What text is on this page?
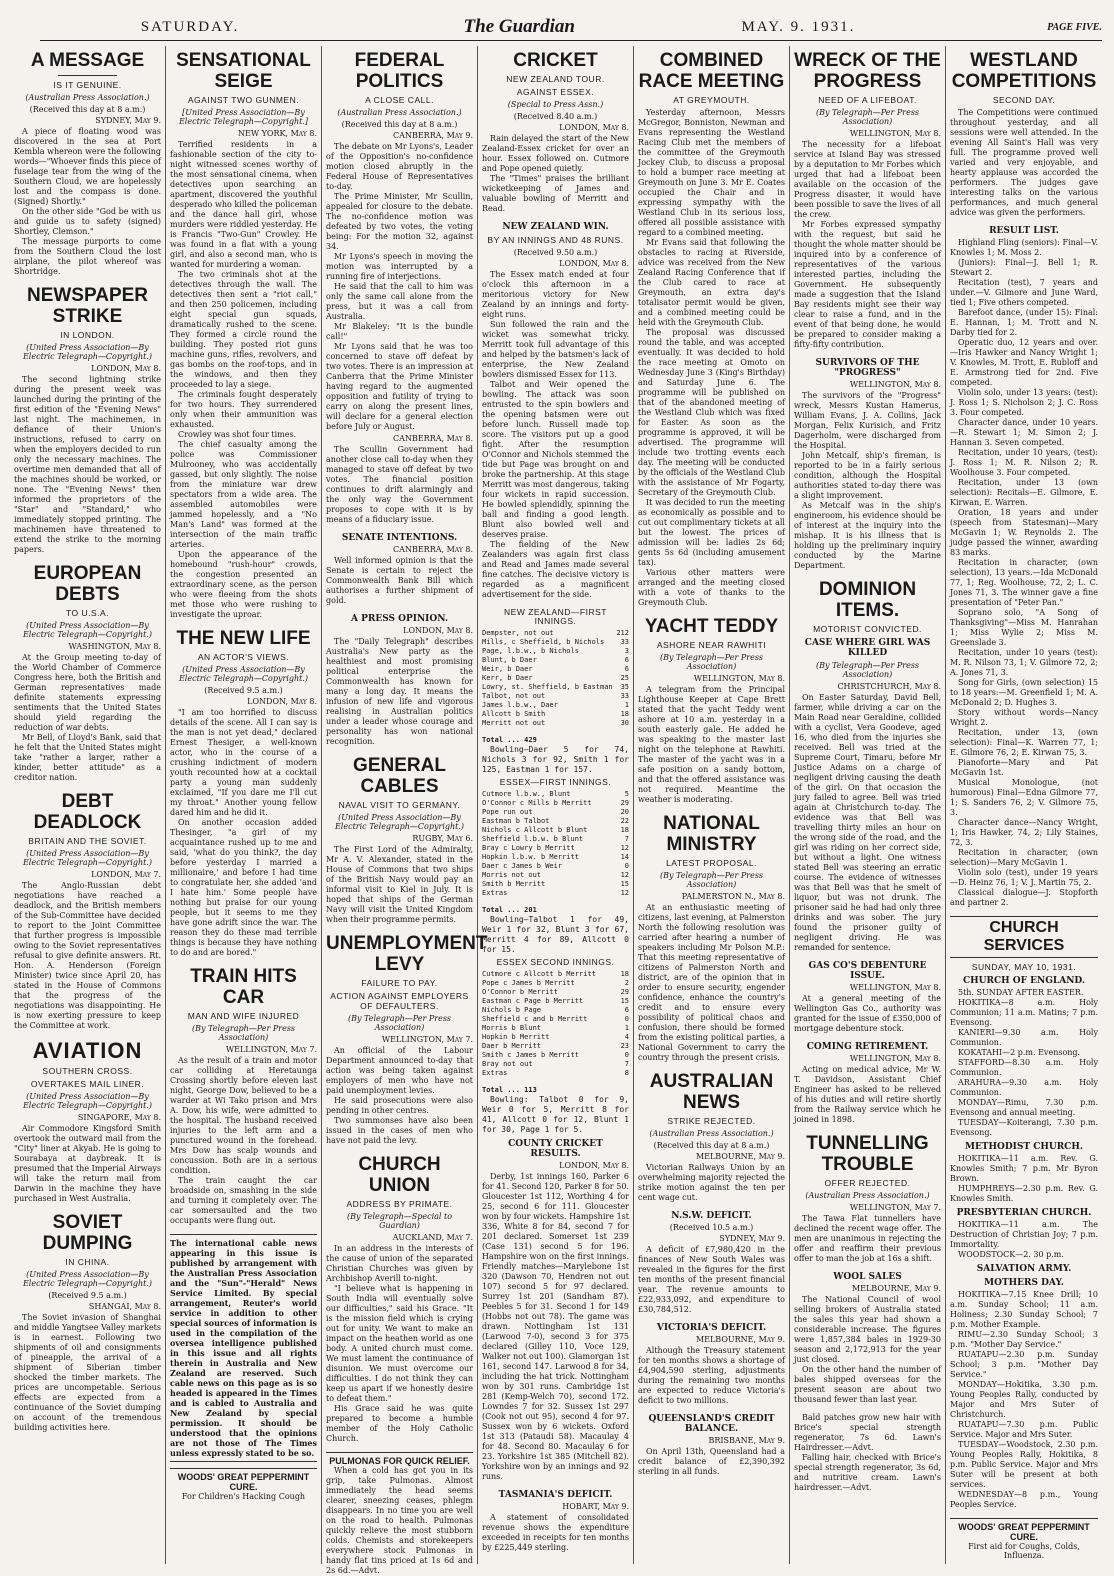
SATURDAY.	The Guardian	MAY. 9. 1931.	PAGE FIVE.
A MESSAGE
IS IT GENUINE.
(Australian Press Association.)
(Received this day at 8 a.m.)
SYDNEY, May 9.

A piece of floating wood was discovered in the sea at Port Kembla whereon were the following words—"Whoever finds this piece of fuselage tear from the wing of the Southern Cloud, we are hopelessly lost and the compass is done. (Signed) Shortly."

On the other side "God be with us and guide us to safety (signed) Shortley, Clemson."

The message purports to come from the Southern Cloud the lost airplane, the pilot whereof was Shortridge.

NEWSPAPER STRIKE
IN LONDON.
(United Press Association—By Electric Telegraph—Copyright.)
LONDON, May 8.

The second lightning strike during the present week was launched during the printing of the first edition of the "Evening News" last night. The machinemen, in defiance of their Union's instructions, refused to carry on when the employers decided to run only the necessary machines. The overtime men demanded that all of the machines should be worked, or none. The "Evening News" then informed the proprietors of the "Star" and "Standard," who immediately stopped printing. The machinemen have threatened to extend the strike to the morning papers.

EUROPEAN DEBTS
TO U.S.A.
(United Press Association—By Electric Telegraph—Copyright.)
WASHINGTON, May 8.

At the Group meeting to-day of the World Chamber of Commerce Congress here, both the British and German representatives made definite statements expressing sentiments that the United States should yield regarding the reduction of war debts.

Mr Bell, of Lloyd's Bank, said that he felt that the United States might take "rather a larger, rather a kinder, better attitude" as a creditor nation.

DEBT DEADLOCK
BRITAIN AND THE SOVIET.
(United Press Association—By Electric Telegraph—Copyright.)
LONDON, May 7.

The Anglo-Russian debt negotiations have reached a deadlock, and the British members of the Sub-Committee have decided to report to the Joint Committee that further progress is impossible owing to the Soviet representatives refusal to give definite answers. Rt. Hon. A. Henderson (Foreign Minister) twice since April 20, has stated in the House of Commons that the progress of the negotiations was disappointing. He is now exerting pressure to keep the Committee at work.

AVIATION
SOUTHERN CROSS.
OVERTAKES MAIL LINER.
(United Press Association—By Electric Telegraph—Copyright.)
SINGAPORE, May 8.

Air Commodore Kingsford Smith overtook the outward mail from the "City" liner at Akyab. He is going to Sourabaya at daybreak. It is presumed that the Imperial Airways will take the return mail from Darwin in the machine they have purchased in West Australia.

SOVIET DUMPING
IN CHINA.
(United Press Association—By Electric Telegraph—Copyright.)
(Received 9.5 a.m.)
SHANGAI, May 8.

The Soviet invasion of Shanghai and middle Yangtsee Valley markets is in earnest. Following two shipments of oil and consignments of pineapple, the arrival of a shipment of Siberian timber shocked the timber markets. The prices are uncompetable. Serious effects are expected from a continuance of the Soviet dumping on account of the tremendous building activities here.

SENSATIONAL SEIGE
AGAINST TWO GUNMEN.
[United Press Association—By Electric Telegraph—Copyright.]
NEW YORK, May 8.

Terrified residents in a fashionable section of the city to-night witnessed scenes worthy of the most sensational cinema, when detectives upon searching an apartment, discovered the youthful desperado who killed the policeman and the dance hall girl, whose murders were riddled yesterday. He is Francis "Two-Gun" Crowley. He was found in a flat with a young girl, and also a second man, who is wanted for murdering a woman.

The two criminals shot at the detectives through the wall. The detectives then sent a "riot call," and then 250 policemen, including eight special gun squads, dramatically rushed to the scene. They formed a circle round the building. They posted riot guns machine guns, rifles, revolvers, and gas bombs on the roof-tops, and in the windows, and then they proceeded to lay a siege.

The criminals fought desperately for two hours. They surrendered only when their ammunition was exhausted.

Crowley was shot four times.

The chief casualty among the police was Commissioner Mulrooney, who was accidentally gassed, but only slightly. The noise from the miniature war drew spectators from a wide area. The assembled automobiles were jammed hopelessly, and a "No Man's Land" was formed at the intersection of the main traffic arteries.

Upon the appearance of the homebound "rush-hour" crowds, the congestion presented an extraordinary scene, as the person who were fleeing from the shots met those who were rushing to investigate the uproar.

THE NEW LIFE
AN ACTOR'S VIEWS.
(United Press Association—By Electric Telegraph—Copyright.)
(Received 9.5 a.m.)
LONDON, May 8.

"I am too horrified to discuss details of the scene. All I can say is the man is not yet dead," declared Ernest Thesiger, a well-known actor, who in the course of a crushing indictment of modern youth recounted how at a cocktail party a young man suddenly exclaimed, "If you dare me I'll cut my throat." Another young fellow dared him and he did it.

On another occasion added Thesinger, "a girl of my acquaintance rushed up to me and said, 'what do you think?, the day before yesterday I married a millionaire,' and before I had time to congratulate her, she added 'and I hate him.' Some people have nothing but praise for our young people, but it seems to me they have gone adrift since the war. The reason they do these mad terrible things is because they have nothing to do and are bored."

TRAIN HITS CAR
MAN AND WIFE INJURED
(By Telegraph—Per Press Association)
WELLINGTON, May 7.

As the result of a train and motor car colliding at Heretaunga Crossing shortly before eleven last night, George Dow, believed to be a warder at Wi Tako prison and Mrs A. Dow, his wife, were admitted to the hospital. The husband received injuries to the left arm and a punctured wound in the forehead. Mrs Dow has scalp wounds and concussion. Both are in a serious condition.

The train caught the car broadside on, smashing in the side and turning it completely over. The car somersaulted and the two occupants were flung out.

The international cable news appearing in this issue is published by arrangement with the Australian Press Association and the "Sun"-"Herald" News Service Limited. By special arrangement, Reuter's world service in addition to other special sources of information is used in the compilation of the oversea intelligence published in this issue and all rights therein in Australia and New Zealand are reserved. Such cable news on this page as is so headed is appeared in the Times and is cabled to Australia and New Zealand by special permission. It should be understood that the opinions are not those of The Times unless expressly stated to be so.
WOODS' GREAT PEPPERMINT CURE.
For Children's Hacking Cough
FEDERAL POLITICS
A CLOSE CALL.
(Australian Press Association.)
(Received this day at 8 a.m.)
CANBERRA, May 9.

The debate on Mr Lyons's, Leader of the Opposition's no-confidence motion closed abruptly in the Federal House of Representatives to-day.

The Prime Minister, Mr Scullin, appealed for closure to the debate. The no-confidence motion was defeated by two votes, the voting being: For the motion 32, against 34.

Mr Lyons's speech in moving the motion was interrupted by a running fire of interjections.

He said that the call to him was only the same call alone from the press, but it was a call from Australia.

Mr Blakeley: "It is the bundle call!"

Mr Lyons said that he was too concerned to stave off defeat by two votes. There is an impression at Canberra that the Prime Minister having regard to the augmented opposition and futility of trying to carry on along the present lines, will declare for a general election before July or August.

CANBERRA, May 8.

The Scullin Government had another close call to-day when they managed to stave off defeat by two votes. The financial position continues to drift alarmingly and the only way the Government proposes to cope with it is by means of a fiduciary issue.

SENATE INTENTIONS.
CANBERRA, May 8.

Well informed opinion is that the Senate is certain to reject the Commonwealth Bank Bill which authorises a further shipment of gold.

A PRESS OPINION.
LONDON, May 8.

The "Daily Telegraph" describes Australia's New party as the healthiest and most promising political enterprise the Commonwealth has known for many a long day. It means the infusion of new life and vigorous realising in Australian politics under a leader whose courage and personality has won national recognition.

GENERAL CABLES
NAVAL VISIT TO GERMANY.
(United Press Association—By Electric Telegraph—Copyright.)
RUGBY, May 6.

The First Lord of the Admiralty, Mr A. V. Alexander, stated in the House of Commons that two ships of the British Navy would pay an informal visit to Kiel in July. It is hoped that ships of the German Navy will visit the United Kingdom when their programme permits.

UNEMPLOYMENT LEVY
FAILURE TO PAY.
ACTION AGAINST EMPLOYERS OF DEFAULTERS.
(By Telegraph—Per Press Association)
WELLINGTON, May 7.

An official of the Labour Department announced to-day that action was being taken against employers of men who have not paid unemployment levies.

He said prosecutions were also pending in other centres.

Two summonses have also been issued in the cases of men who have not paid the levy.

CHURCH UNION
ADDRESS BY PRIMATE.
(By Telegraph—Special to Guardian)
AUCKLAND, May 7.

In an address in the interests of the cause of union of the separated Christian Churches was given by Archbishop Averill to-night.

"I believe what is happening in South India will eventually solve our difficulties," said his Grace. "It is the mission field which is crying out for unity. We want to make an impact on the heathen world as one body. A united church must come. We must lament the continuance of disunion. We must overcome our difficulties. I do not think they can keep us apart if we honestly desire to defeat them."

His Grace said he was quite prepared to become a humble member of the Holy Catholic Church.

PULMONAS FOR QUICK RELIEF.

When a cold has got you in its grip, take Pulmonas. Almost immediately the head seems clearer, sneezing ceases, phlegm disappears. In no time you are well on the road to health. Pulmonas quickly relieve the most stubborn colds. Chemists and storekeepers everywhere stock Pulmonas in handy flat tins priced at 1s 6d and 2s 6d.—Advt.

CRICKET
NEW ZEALAND TOUR.
AGAINST ESSEX.
(Special to Press Assn.)
(Received 8.40 a.m.)
LONDON, May 8.

Rain delayed the start of the New Zealand-Essex cricket for over an hour. Essex followed on. Cutmore and Pope opened quietly.

The "Times" praises the brilliant wicketkeeping of James and valuable bowling of Merritt and Read.

NEW ZEALAND WIN.
BY AN INNINGS AND 48 RUNS.
(Received 9.50 a.m.)
LONDON, May 8.

The Essex match ended at four o'clock this afternoon in a meritorious victory for New Zealand by an innings and forty-eight runs.

Sun followed the rain and the wicket was somewhat tricky. Merritt took full advantage of this and helped by the batsmen's lack of enterprise, the New Zealand bowlers dismissed Essex for 113.

Talbot and Weir opened the bowling. The attack was soon entrusted to the spin bowlers and the opening batsmen were out before lunch. Russell made top score. The visitors put up a good fight. After the resumption O'Connor and Nichols stemmed the tide but Page was brought on and broke the partnership. At this stage Merritt was most dangerous, taking four wickets in rapid succession. He bowled splendidly, spinning the ball and finding a good length. Blunt also bowled well and deserves praise.

The fielding of the New Zealanders was again first class and Read and James made several fine catches. The decisive victory is regarded as a magnificent advertisement for the side.

NEW ZEALAND—FIRST INNINGS.
Dempster, not out	212
Mills, c Sheffield, b Nichols 33
Page, l.b.w., b Nichols	3
Blunt, b Daer	6
Weir, b Daer	6
Kerr, b Daer	25
Lowry, st. Sheffield, b Eastman 35
Talbot, not out	33
James l.b.w., Daer	1
Allcott b Smith	18
Merritt not out	30
Total ... 429

Bowling—Daer 5 for 74, Nichols 3 for 92, Smith 1 for 125, Eastman 1 for 157.

ESSEX—FIRST INNINGS.
Cutmore l.b.w., Blunt	5
O'Connor c Mills b Merritt	29
Pope run out	20
Eastman b Talbot	22
Nichols c Allcott b Blunt	18
Sheffield l.b.w. b Blunt	7
Bray c Lowry b Merritt	12
Hopkin l.b.w. b Merritt	14
Daer c James b Weir	0
Morris not out	12
Smith b Merritt	15
Extras	12
Total ... 201

Bowling—Talbot 1 for 49, Weir 1 for 32, Blunt 3 for 67, Merritt 4 for 89, Allcott 0 for 15.

ESSEX SECOND INNINGS.
Cutmore c Allcott b Merritt	18
Pope c James b Merritt	2
O'Connor b Merritt	29
Eastman c Page b Merritt	15
Nichols b Page	6
Sheffield c and b Merritt	0
Morris b Blunt	1
Hopkin b Merritt	4
Daer b Merritt	23
Smith c James b Merritt	0
Bray not out	7
Extras	8
Total ... 113

Bowling: Talbot 0 for 9, Weir 0 for 5, Merritt 8 for 41, Allcott 0 for 12, Blunt 1 for 30, Page 1 for 5.

COUNTY CRICKET RESULTS.
LONDON, May 8.

Derby, 1st innings 160, Parker 6 for 41. Second 120, Parker 8 for 50. Gloucester 1st 112, Worthing 4 for 25, second 6 for 111. Gloucester won by four wickets. Hampshire 1st 336, White 8 for 84, second 7 for 201 declared. Somerset 1st 239 (Case 131) second 5 for 196. Hampshire won on the first innings. Friendly matches—Marylebone 1st 320 (Dawson 70, Hendren not out 107) second 5 for 97 declared. Surrey 1st 201 (Sandham 87). Peebles 5 for 31. Second 1 for 149 (Hobbs not out 78). The game was drawn. Nottingham 1st 131 (Larwood 7-0), second 3 for 375 declared (Gilley 110, Voce 129, Walker not out 100). Glamorgan 1st 161, second 147. Larwood 8 for 34, including the hat trick. Nottingham won by 301 runs. Cambridge 1st 281 (Kemp-Welch 70), second 172. Lowndes 7 for 32. Sussex 1st 297 (Cook not out 95), second 4 for 97. Sussex won by 6 wickets. Oxford 1st 313 (Pataudi 58). Macaulay 4 for 48. Second 80. Macaulay 6 for 23. Yorkshire 1st 385 (Mitchell 82). Yorkshire won by an innings and 92 runs.

TASMANIA'S DEFICIT.
HOBART, May 9.

A statement of consolidated revenue shows the expenditure exceeded in receipts for ten months by £225,449 sterling.

COMBINED RACE MEETING
AT GREYMOUTH.

Yesterday afternoon, Messrs McGregor, Bonniston, Newman and Evans representing the Westland Racing Club met the members of the committee of the Greymouth Jockey Club, to discuss a proposal to hold a bumper race meeting at Greymouth on June 3. Mr E. Coates occupied the Chair and in expressing sympathy with the Westland Club in its serious loss, offered all possible assistance with regard to a combined meeting.

Mr Evans said that following the obstacles to racing at Riverside, advice was received from the New Zealand Racing Conference that if the Club cared to race at Greymouth, an extra day's totalisator permit would be given, and a combined meeting could be held with the Greymouth Club.

The proposal was discussed round the table, and was accepted eventually. It was decided to hold the race meeting at Omoto on Wednesday June 3 (King's Birthday) and Saturday June 6. The programme will be published on that of the abandoned meeting of the Westland Club which was fixed for Easter. As soon as the programme is approved, it will be advertised. The programme will include two trotting events each day. The meeting will be conducted by the officials of the Westland Club with the assistance of Mr Fogarty, Secretary of the Greymouth Club.

It was decided to run the meeting as economically as possible and to cut out complimentary tickets at all but the lowest. The prices of admission will be: ladies 2s 6d; gents 5s 6d (including amusement tax).

Various other matters were arranged and the meeting closed with a vote of thanks to the Greymouth Club.

YACHT TEDDY
ASHORE NEAR RAWHITI
(By Telegraph—Per Press Association)
WELLINGTON, May 8.

A telegram from the Principal Lighthouse Keeper at Cape Brett stated that the yacht Teddy went ashore at 10 a.m. yesterday in a south easterly gale. He added he was speaking to the master last night on the telephone at Rawhiti. The master of the yacht was in a safe position on a sandy bottom, and that the offered assistance was not required. Meantime the weather is moderating.

NATIONAL MINISTRY
LATEST PROPOSAL.
(By Telegraph—Per Press Association)
PALMERSTON N., May 8.

At an enthusiastic meeting of citizens, last evening, at Palmerston North the following resolution was carried after hearing a number of speakers including Mr Polson M.P.: That this meeting representative of citizens of Palmerston North and district, are of the opinion that in order to ensure security, engender confidence, enhance the country's credit and to ensure every possibility of political chaos and confusion, there should be formed from the existing political parties, a National Government to carry the country through the present crisis.

AUSTRALIAN NEWS
STRIKE REJECTED.
(Australian Press Association.)
(Received this day at 8 a.m.)
MELBOURNE, May 9.

Victorian Railways Union by an overwhelming majority rejected the strike motion against the ten per cent wage cut.

N.S.W. DEFICIT.
(Received 10.5 a.m.)
SYDNEY, May 9.

A deficit of £7,980,420 in the finances of New South Wales was revealed in the figures for the first ten months of the present financial year. The revenue amounts to £22,933,092, and expenditure to £30,784,512.

VICTORIA'S DEFICIT.
MELBOURNE, May 9.

Although the Treasury statement for ten months shows a shortage of £4,904,590 sterling, adjustments during the remaining two months are expected to reduce Victoria's deficit to two millions.

QUEENSLAND'S CREDIT BALANCE.
BRISBANE, May 9.

On April 13th, Queensland had a credit balance of £2,390,392 sterling in all funds.

WRECK OF THE PROGRESS
NEED OF A LIFEBOAT.
(By Telegraph—Per Press Association)
WELLINGTON, May 8.

The necessity for a lifeboat service at Island Bay was stressed by a deputation to Mr Forbes which urged that had a lifeboat been available on the occasion of the Progress disaster, it would have been possible to save the lives of all the crew.

Mr Forbes expressed sympathy with the request, but said he thought the whole matter should be inquired into by a conference of representatives of the various interested parties, including the Government. He subsequently made a suggestion that the Island Bay residents might see their way clear to raise a fund, and in the event of that being done, he would be prepared to consider making a fifty-fifty contribution.

SURVIVORS OF THE "PROGRESS"
WELLINGTON, May 8.

The survivors of the "Progress" wreck, Messrs Kustan Hamerus, William Evans, J. A. Collins, Jack Morgan, Felix Kurisich, and Fritz Dagerholm, were discharged from the Hospital.

John Metcalf, ship's fireman, is reported to be in a fairly serious condition, although the Hospital authorities stated to-day there was a slight improvement.

As Metcalf was in the ship's engineroom, his evidence should be of interest at the inquiry into the mishap. It is his illness that is holding up the preliminary inquiry conducted by the Marine Department.

DOMINION ITEMS.
MOTORIST CONVICTED.
CASE WHERE GIRL WAS KILLED
(By Telegraph—Per Press Association)
CHRISTCHURCH, May 8.

On Easter Saturday, David Bell, farmer, while driving a car on the Main Road near Geraldine, collided with a cyclist, Vera Goodeve, aged 16, who died from the injuries she received. Bell was tried at the Supreme Court, Timaru, before Mr Justice Adams on a charge of negligent driving causing the death of the girl. On that occasion the jury failed to agree. Bell was tried again at Christchurch to-day. The evidence was that Bell was travelling thirty miles an hour on the wrong side of the road, and the girl was riding on her correct side, but without a light. One witness stated Bell was steering an erratic course. The evidence of witnesses was that Bell was that he smelt of liquor, but was not drunk. The prisoner said he had had only three drinks and was sober. The jury found the prisoner guilty of negligent driving. He was remanded for sentence.

GAS CO'S DEBENTURE ISSUE.
WELLINGTON, May 8.

At a general meeting of the Wellington Gas Co., authority was granted for the issue of £350,000 of mortgage debenture stock.

COMING RETIREMENT.
WELLINGTON, May 8.

Acting on medical advice, Mr W. T. Davidson, Assistant Chief Engineer has asked to be relieved of his duties and will retire shortly from the Railway service which he joined in 1898.

TUNNELLING TROUBLE
OFFER REJECTED.
(Australian Press Association.)
WELLINGTON, May 7.

The Tawa Flat tunnellers have declined the recent wage offer. The men are unanimous in rejecting the offer and reaffirm their previous offer to man the job at 16s a shift.

WOOL SALES
MELBOURNE, May 9.

The National Council of wool selling brokers of Australia stated the sales this year had shown a considerable increase. The figures were 1,857,384 bales in 1929-30 season and 2,172,913 for the year just closed.

On the other hand the number of bales shipped overseas for the present season are about two thousand fewer than last year.

Bald patches grow new hair with Brice's special strength regenerator, 7s 6d. Lawn's Hairdresser.—Advt.

Falling hair, checked with Brice's special strength regenerator, 3s 6d, and nutritive cream. Lawn's hairdresser.—Advt.

WESTLAND COMPETITIONS
SECOND DAY.

The Competitions were continued throughout yesterday, and all sessions were well attended. In the evening All Saint's Hall was very full. The programme proved well varied and very enjoyable, and hearty applause was accorded the performers. The judges gave interesting talks on the various performances, and much general advice was given the performers.

RESULT LIST.

Highland Fling (seniors): Final—V. Knowles 1; M. Moss 2.

(Juniors): Final—J. Bell 1; R. Stewart 2.

Recitation (test), 7 years and under.—V. Gilmore and June Ward, tied 1; Five others competed.

Barefoot dance, (under 15): Final: E. Hannan, 1; M. Trott and N. Darby tied for 2.

Operatic duo, 12 years and over.—Iris Hawker and Nancy Wright 1; V. Knowles, M. Trott, E. Rubloff and E. Armstrong tied for 2nd. Five competed.

Violin solo, under 13 years: (test): J. Ross 1; S. Nicholson 2; J. C. Ross 3. Four competed.

Character dance, under 10 years.—R. Stewart 1; M. Simon 2; J. Hannan 3. Seven competed.

Recitation, under 10 years, (test): J. Ross 1; M. R. Nilson 2; R. Woolhouse 3. Four competed.

Recitation, under 13 (own selection): Recitals—E. Gilmore, E. Kirwan, E. Warren.

Oration, 18 years and under (speech from Statesman)—Mary McGavin 1; W. Reynolds 2. The judge passed the winner, awarding 83 marks.

Recitation in character, (own selection), 13 years.—Ida McDonald 77, 1; Reg. Woolhouse, 72, 2; L. C. Jones 71, 3. The winner gave a fine presentation of "Peter Pan."

Soprano solo, "A Song of Thanksgiving"—Miss M. Hanrahan 1; Miss Wylie 2; Miss M. Greenslade 3.

Recitation, under 10 years (test): M. R. Nilson 73, 1; V. Gilmore 72, 2; A. Jones 71, 3.

Song for Girls, (own selection) 15 to 18 years:—M. Greenfield 1; M. A. McDonald 2; D. Hughes 3.

Story without words—Nancy Wright 2.

Recitation, under 13, (own selection): Final—K. Warren 77, 1; E. Gilmore 76, 2; E. Kirwan 75, 3.

Pianoforte—Mary and Pat McGavin 1st.

Musical Monologue, (not humorous) Final—Edna Gilmore 77, 1; S. Sanders 76, 2; V. Gilmore 75, 3.

Character dance—Nancy Wright, 1; Iris Hawker, 74, 2; Lily Staines, 72, 3.

Recitation in character, (own selection)—Mary McGavin 1.

Violin solo (test), under 19 years—D. Heinz 76, 1; V. J. Martin 75, 2.

Classical dialogue—J. Stopforth and partner 2.

CHURCH SERVICES
SUNDAY, MAY 10, 1931.
CHURCH OF ENGLAND.

5th. SUNDAY AFTER EASTER.

HOKITIKA—8 a.m. Holy Communion; 11 a.m. Matins; 7 p.m. Evensong.

KANIERI—9.30 a.m. Holy Communion.

KOKATAHI—2 p.m. Evensong.

STAFFORD—8.30 a.m. Holy Communion.

ARAHURA—9.30 a.m. Holy Communion.

MONDAY—Rimu, 7.30 p.m. Evensong and annual meeting.

TUESDAY—Koiterangi, 7.30 p.m. Evensong.

METHODIST CHURCH.

HOKITIKA—11 a.m. Rev. G. Knowles Smith; 7 p.m. Mr Byron Brown.

HUMPHREYS—2.30 p.m. Rev. G. Knowles Smith.

PRESBYTERIAN CHURCH.

HOKITIKA—11 a.m. The Destruction of Christian Joy; 7 p.m. Immortality.

WOODSTOCK—2. 30 p.m.

SALVATION ARMY.
MOTHERS DAY.

HOKITIKA—7.15 Knee Drill; 10 a.m. Sunday School; 11 a.m. Holiness; 2.30 Sunday School; 7 p.m. Mother Example.

RIMU—2.30 Sunday School; 3 p.m. "Mother Day Service."

RUATAPU—2.30 p.m. Sunday School; 3 p.m. "Mother Day Service."

MONDAY—Hokitika, 3.30 p.m. Young Peoples Rally, conducted by Major and Mrs Suter of Christchurch.

RUATAPU—7.30 p.m. Public Service. Major and Mrs Suter.

TUESDAY—Woodstock, 2.30 p.m. Young Peoples Rally, Hokitika, 8 p.m. Public Service. Major and Mrs Suter will be present at both services.

WEDNESDAY—8 p.m., Young Peoples Service.

WOODS' GREAT PEPPERMINT CURE.
First aid for Coughs, Colds, Influenza.
